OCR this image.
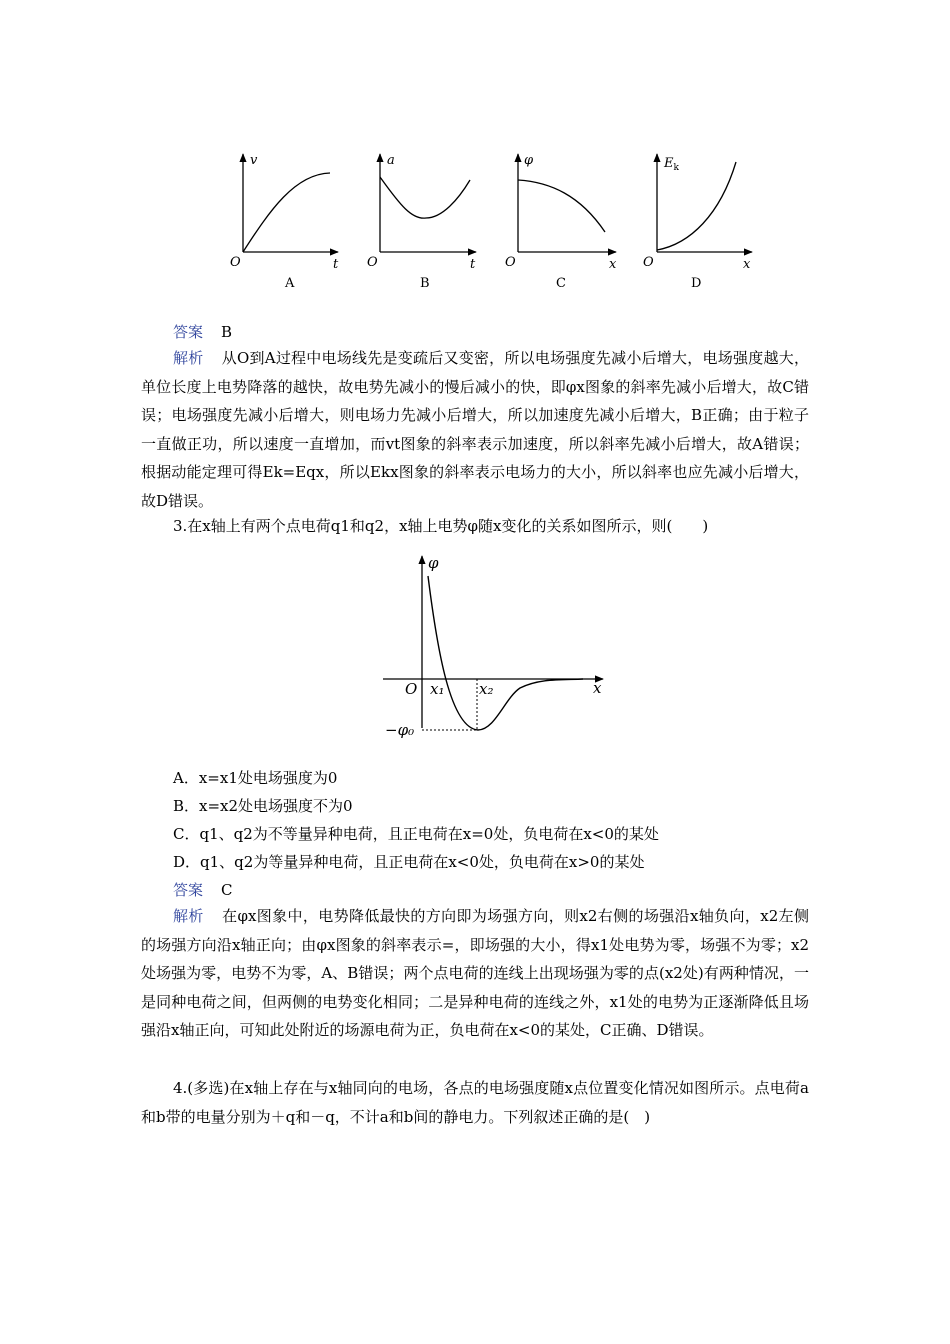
v
t
O
A
a
t
O
B
φ
x
O
C
$E_k$
x
O
D
答案 B
解析 从O到A过程中电场线先是变疏后又变密，所以电场强度先减小后增大，电场强度越大，单位长度上电势降落的越快，故电势先减小的慢后减小的快，即φx图象的斜率先减小后增大，故C错误；电场强度先减小后增大，则电场力先减小后增大，所以加速度先减小后增大，B正确；由于粒子一直做正功，所以速度一直增加，而vt图象的斜率表示加速度，所以斜率先减小后增大，故A错误；根据动能定理可得Ek=Eqx，所以Ekx图象的斜率表示电场力的大小，所以斜率也应先减小后增大，故D错误。
3.在x轴上有两个点电荷q1和q2，x轴上电势φ随x变化的关系如图所示，则(　　)
φ
x
O x₁ x₂
−φ₀
A．x=x1处电场强度为0
B．x=x2处电场强度不为0
C．q1、q2为不等量异种电荷，且正电荷在x=0处，负电荷在x<0的某处
D．q1、q2为等量异种电荷，且正电荷在x<0处，负电荷在x>0的某处
答案 C
解析 在φx图象中，电势降低最快的方向即为场强方向，则x2右侧的场强沿x轴负向，x2左侧的场强方向沿x轴正向；由φx图象的斜率表示=，即场强的大小，得x1处电势为零，场强不为零；x2处场强为零，电势不为零，A、B错误；两个点电荷的连线上出现场强为零的点(x2处)有两种情况，一是同种电荷之间，但两侧的电势变化相同；二是异种电荷的连线之外，x1处的电势为正逐渐降低且场强沿x轴正向，可知此处附近的场源电荷为正，负电荷在x<0的某处，C正确、D错误。
4.(多选)在x轴上存在与x轴同向的电场，各点的电场强度随x点位置变化情况如图所示。点电荷a和b带的电量分别为＋q和－q，不计a和b间的静电力。下列叙述正确的是(　)
